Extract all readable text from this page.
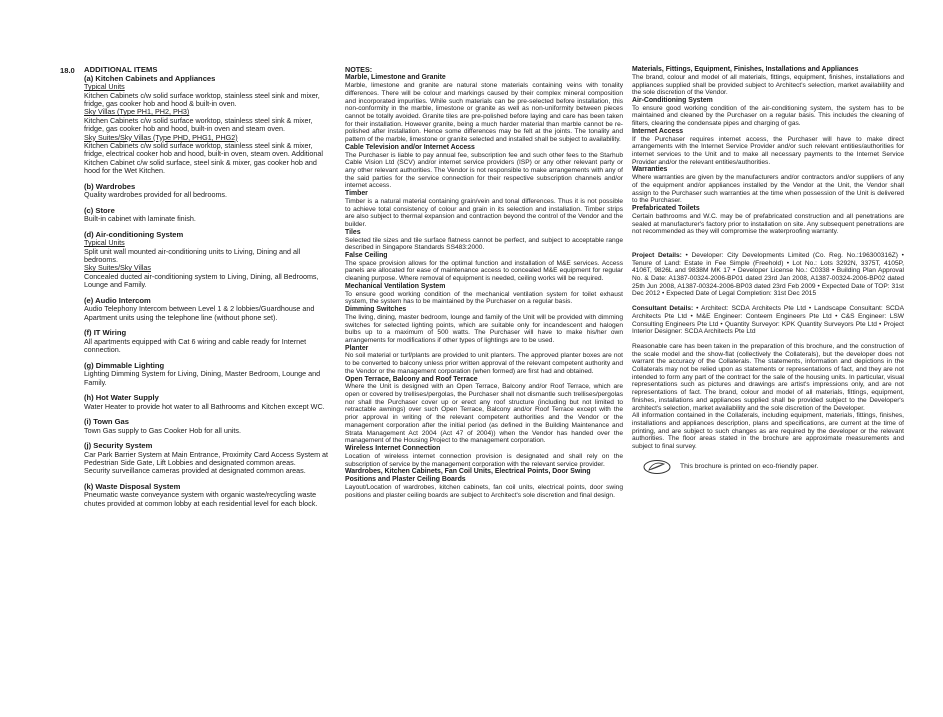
18.0 ADDITIONAL ITEMS
(a) Kitchen Cabinets and Appliances
Typical Units
Kitchen Cabinets c/w solid surface worktop, stainless steel sink and mixer, fridge, gas cooker hob and hood & built-in oven.
Sky Villas (Type PH1, PH2, PH3)
Kitchen Cabinets c/w solid surface worktop, stainless steel sink & mixer, fridge, gas cooker hob and hood, built-in oven and steam oven.
Sky Suites/Sky Villas (Type PHD, PHG1, PHG2)
Kitchen Cabinets c/w solid surface worktop, stainless steel sink & mixer, fridge, electrical cooker hob and hood, built-in oven, steam oven. Additional Kitchen Cabinet c/w solid surface, steel sink & mixer, gas cooker hob and hood for the Wet Kitchen.
(b) Wardrobes
Quality wardrobes provided for all bedrooms.
(c) Store
Built-in cabinet with laminate finish.
(d) Air-conditioning System
Typical Units
Split unit wall mounted air-conditioning units to Living, Dining and all bedrooms.
Sky Suites/Sky Villas
Concealed ducted air-conditioning system to Living, Dining, all Bedrooms, Lounge and Family.
(e) Audio Intercom
Audio Telephony Intercom between Level 1 & 2 lobbies/Guardhouse and Apartment units using the telephone line (without phone set).
(f) IT Wiring
All apartments equipped with Cat 6 wiring and cable ready for Internet connection.
(g) Dimmable Lighting
Lighting Dimming System for Living, Dining, Master Bedroom, Lounge and Family.
(h) Hot Water Supply
Water Heater to provide hot water to all Bathrooms and Kitchen except WC.
(i) Town Gas
Town Gas supply to Gas Cooker Hob for all units.
(j) Security System
Car Park Barrier System at Main Entrance, Proximity Card Access System at Pedestrian Side Gate, Lift Lobbies and designated common areas.
Security surveillance cameras provided at designated common areas.
(k) Waste Disposal System
Pneumatic waste conveyance system with organic waste/recycling waste chutes provided at common lobby at each residential level for each block.
NOTES:
Marble, Limestone and Granite
Marble, limestone and granite are natural stone materials containing veins with tonality differences. There will be colour and markings caused by their complex mineral composition and incorporated impurities. While such materials can be pre-selected before installation, this non-conformity in the marble, limestone or granite as well as non-uniformity between pieces cannot be totally avoided. Granite tiles are pre-polished before laying and care has been taken for their installation. However granite, being a much harder material than marble cannot be re-polished after installation. Hence some differences may be felt at the joints. The tonality and pattern of the marble, limestone or granite selected and installed shall be subject to availability.
Cable Television and/or Internet Access
The Purchaser is liable to pay annual fee, subscription fee and such other fees to the Starhub Cable Vision Ltd (SCV) and/or internet service providers (ISP) or any other relevant party or any other relevant authorities. The Vendor is not responsible to make arrangements with any of the said parties for the service connection for their respective subscription channels and/or internet access.
Timber
Timber is a natural material containing grain/vein and tonal differences. Thus it is not possible to achieve total consistency of colour and grain in its selection and installation. Timber strips are also subject to thermal expansion and contraction beyond the control of the Vendor and the builder.
Tiles
Selected tile sizes and tile surface flatness cannot be perfect, and subject to acceptable range described in Singapore Standards SS483:2000.
False Ceiling
The space provision allows for the optimal function and installation of M&E services. Access panels are allocated for ease of maintenance access to concealed M&E equipment for regular cleaning purpose. Where removal of equipment is needed, ceiling works will be required.
Mechanical Ventilation System
To ensure good working condition of the mechanical ventilation system for toilet exhaust system, the system has to be maintained by the Purchaser on a regular basis.
Dimming Switches
The living, dining, master bedroom, lounge and family of the Unit will be provided with dimming switches for selected lighting points, which are suitable only for incandescent and halogen bulbs up to a maximum of 500 watts. The Purchaser will have to make his/her own arrangements for modifications if other types of lightings are to be used.
Planter
No soil material or turf/plants are provided to unit planters. The approved planter boxes are not to be converted to balcony unless prior written approval of the relevant competent authority and the Vendor or the management corporation (when formed) are first had and obtained.
Open Terrace, Balcony and Roof Terrace
Where the Unit is designed with an Open Terrace, Balcony and/or Roof Terrace, which are open or covered by trellises/pergolas, the Purchaser shall not dismantle such trellises/pergolas nor shall the Purchaser cover up or erect any roof structure (including but not limited to retractable awnings) over such Open Terrace, Balcony and/or Roof Terrace except with the prior approval in writing of the relevant competent authorities and the Vendor or the management corporation after the initial period (as defined in the Building Maintenance and Strata Management Act 2004 (Act 47 of 2004)) when the Vendor has handed over the management of the Housing Project to the management corporation.
Wireless Internet Connection
Location of wireless internet connection provision is designated and shall rely on the subscription of service by the management corporation with the relevant service provider.
Wardrobes, Kitchen Cabinets, Fan Coil Units, Electrical Points, Door Swing Positions and Plaster Ceiling Boards
Layout/Location of wardrobes, kitchen cabinets, fan coil units, electrical points, door swing positions and plaster ceiling boards are subject to Architect's sole discretion and final design.
Materials, Fittings, Equipment, Finishes, Installations and Appliances
The brand, colour and model of all materials, fittings, equipment, finishes, installations and appliances supplied shall be provided subject to Architect's selection, market availability and the sole discretion of the Vendor.
Air-Conditioning System
To ensure good working condition of the air-conditioning system, the system has to be maintained and cleaned by the Purchaser on a regular basis. This includes the cleaning of filters, clearing the condensate pipes and charging of gas.
Internet Access
If the Purchaser requires internet access, the Purchaser will have to make direct arrangements with the Internet Service Provider and/or such relevant entities/authorities for internet services to the Unit and to make all necessary payments to the Internet Service Provider and/or the relevant entities/authorities.
Warranties
Where warranties are given by the manufacturers and/or contractors and/or suppliers of any of the equipment and/or appliances installed by the Vendor at the Unit, the Vendor shall assign to the Purchaser such warranties at the time when possession of the Unit is delivered to the Purchaser.
Prefabricated Toilets
Certain bathrooms and W.C. may be of prefabricated construction and all penetrations are sealed at manufacturer's factory prior to installation on site. Any subsequent penetrations are not recommended as they will compromise the waterproofing warranty.
Project Details: • Developer: City Developments Limited (Co. Reg. No.:196300316Z) • Tenure of Land: Estate in Fee Simple (Freehold) • Lot No.: Lots 3292N, 3375T, 4105P, 4106T, 9826L and 9838M MK 17 • Developer License No.: C0338 • Building Plan Approval No. & Date: A1387-00324-2006-BP01 dated 23rd Jan 2008, A1387-00324-2006-BP02 dated 25th Jun 2008, A1387-00324-2006-BP03 dated 23rd Feb 2009 • Expected Date of TOP: 31st Dec 2012 • Expected Date of Legal Completion: 31st Dec 2015
Consultant Details: • Architect: SCDA Architects Pte Ltd • Landscape Consultant: SCDA Architects Pte Ltd • M&E Engineer: Conteem Engineers Pte Ltd • C&S Engineer: LSW Consulting Engineers Pte Ltd • Quantity Surveyor: KPK Quantity Surveyors Pte Ltd • Project Interior Designer: SCDA Architects Pte Ltd
Reasonable care has been taken in the preparation of this brochure, and the construction of the scale model and the show-flat (collectively the Collaterals), but the developer does not warrant the accuracy of the Collaterals. The statements, information and depictions in the Collaterals may not be relied upon as statements or representations of fact, and they are not intended to form any part of the contract for the sale of the housing units. In particular, visual representations such as pictures and drawings are artist's impressions only, and are not representations of fact. The brand, colour and model of all materials, fittings, equipment, finishes, installations and appliances supplied shall be provided subject to the Developer's architect's selection, market availability and the sole discretion of the Developer.
All information contained in the Collaterals, including equipment, materials, fittings, finishes, installations and appliances description, plans and specifications, are current at the time of printing, and are subject to such changes as are required by the developer or the relevant authorities. The floor areas stated in the brochure are approximate measurements and subject to final survey.
This brochure is printed on eco-friendly paper.
